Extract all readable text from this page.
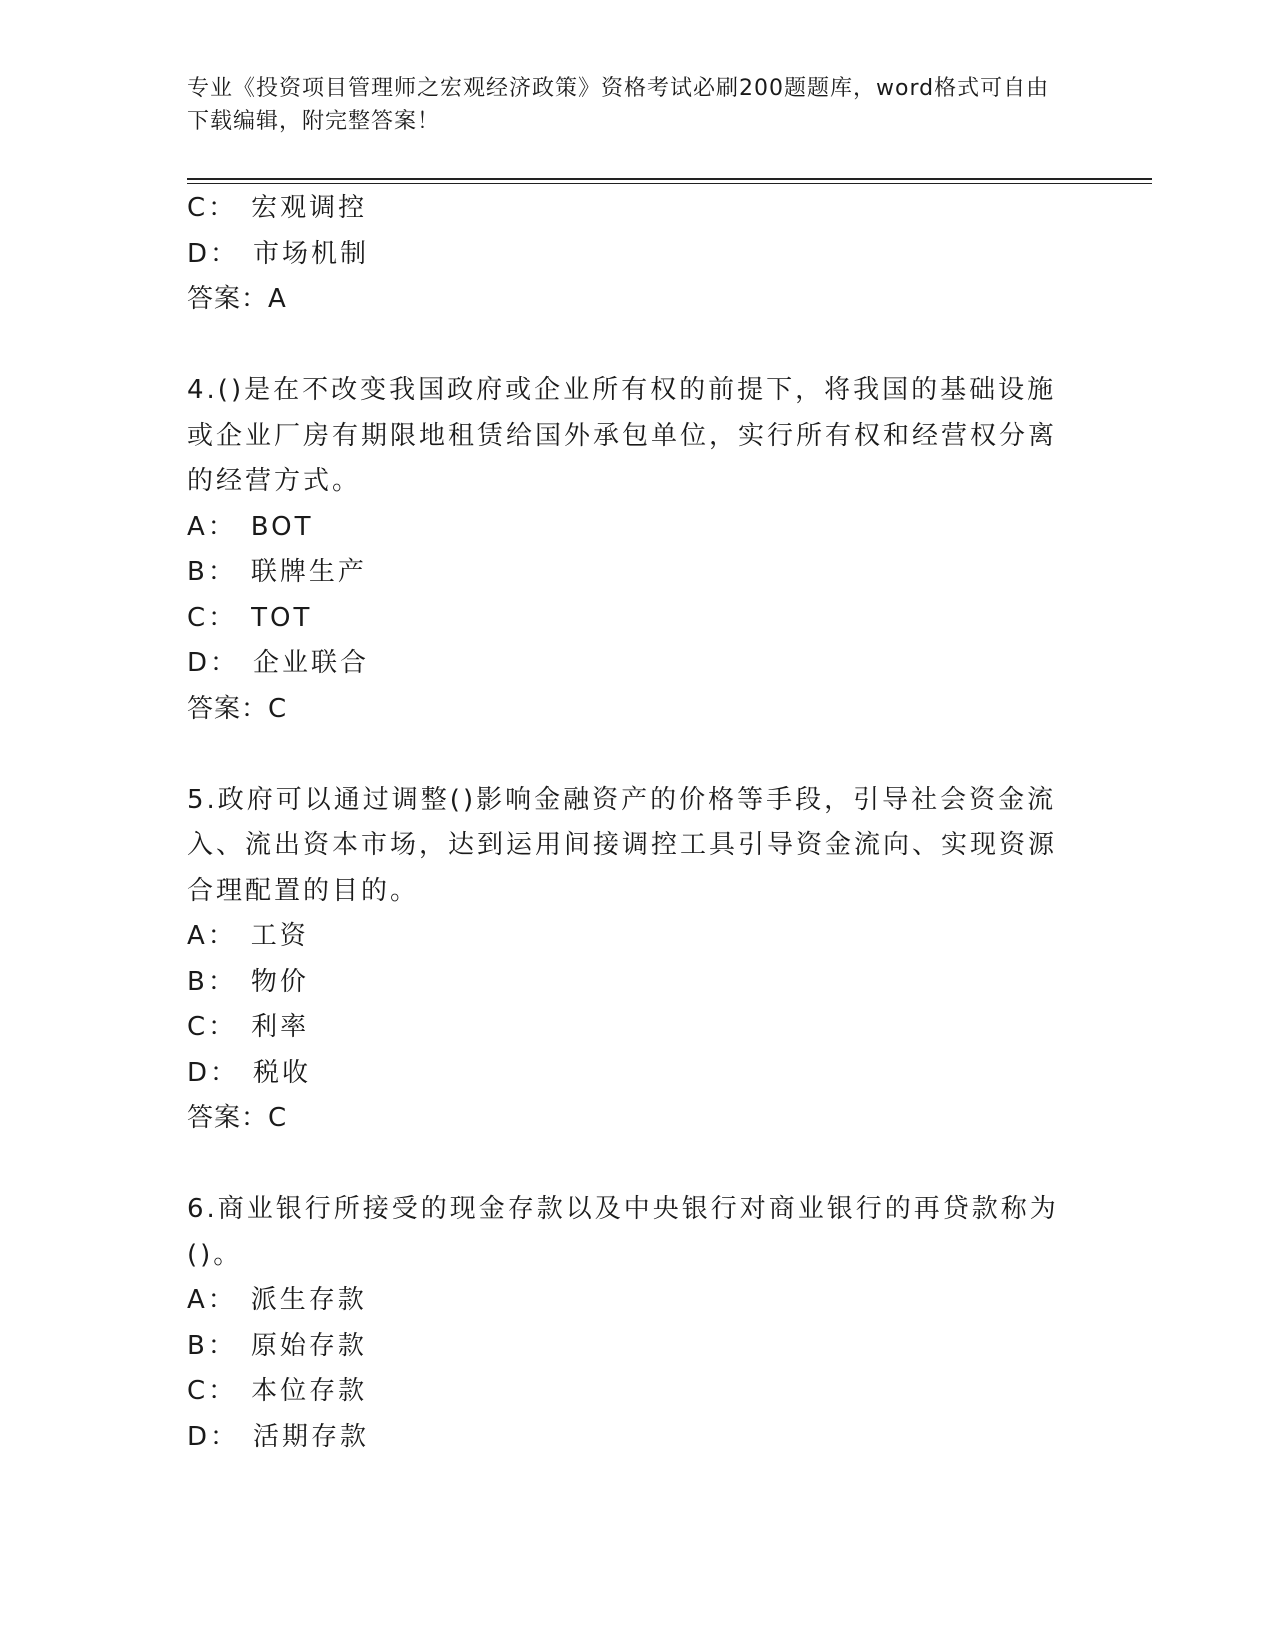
专业《投资项目管理师之宏观经济政策》资格考试必刷200题题库，word格式可自由下载编辑，附完整答案！
C： 宏观调控
D： 市场机制
答案：A
4.()是在不改变我国政府或企业所有权的前提下，将我国的基础设施或企业厂房有期限地租赁给国外承包单位，实行所有权和经营权分离的经营方式。
A： BOT
B： 联牌生产
C： TOT
D： 企业联合
答案：C
5.政府可以通过调整()影响金融资产的价格等手段，引导社会资金流入、流出资本市场，达到运用间接调控工具引导资金流向、实现资源合理配置的目的。
A： 工资
B： 物价
C： 利率
D： 税收
答案：C
6.商业银行所接受的现金存款以及中央银行对商业银行的再贷款称为()。
A： 派生存款
B： 原始存款
C： 本位存款
D： 活期存款
